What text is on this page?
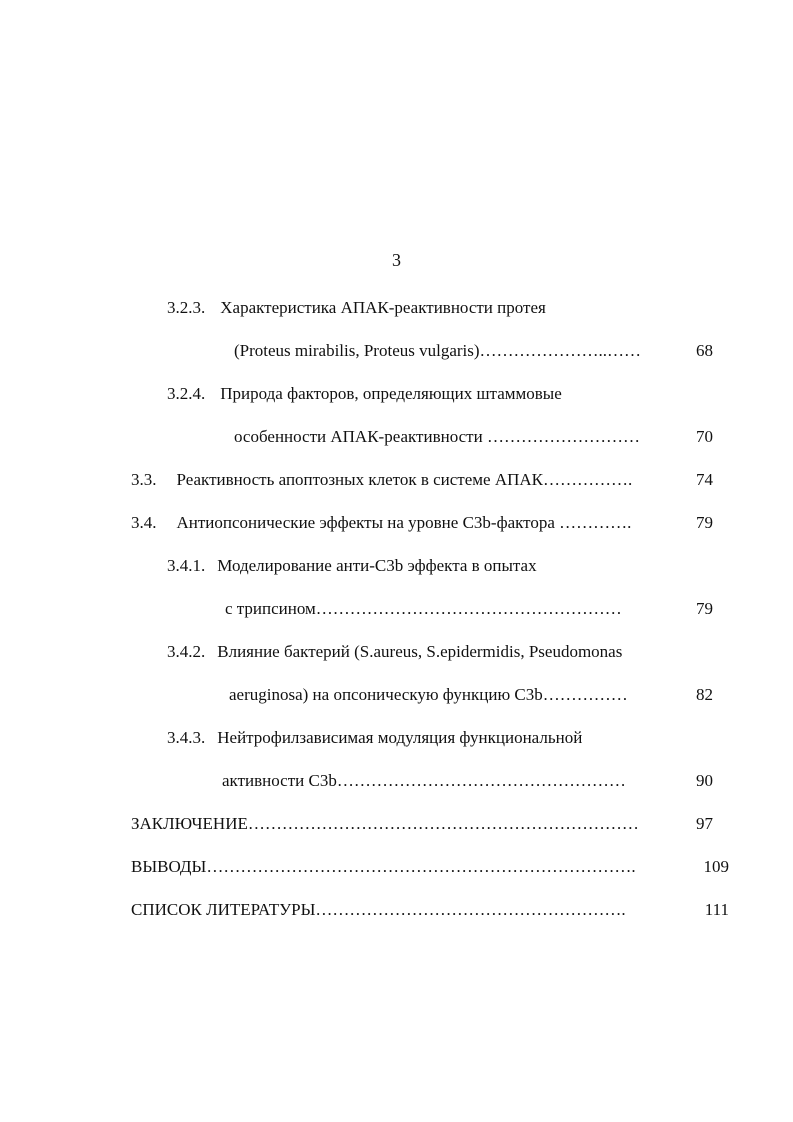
3
3.2.3. Характеристика АПАК-реактивности протея
(Proteus mirabilis, Proteus vulgaris)…………………..……	68
3.2.4. Природа факторов, определяющих штаммовые
особенности АПАК-реактивности ………………………	70
3.3. Реактивность апоптозных клеток в системе АПАК…………….	74
3.4. Антиопсонические эффекты на уровне C3b-фактора ………….	79
3.4.1. Моделирование анти-C3b эффекта в опытах
с трипсином………………………………………………	79
3.4.2. Влияние бактерий (S.aureus, S.epidermidis, Pseudomonas
aeruginosa) на опсоническую функцию C3b……………	82
3.4.3. Нейтрофилзависимая модуляция функциональной
активности C3b……………………………………………	90
ЗАКЛЮЧЕНИЕ……………………………………………………………	97
ВЫВОДЫ………………………………………………………………….	109
СПИСОК ЛИТЕРАТУРЫ……………………………………………….	111
